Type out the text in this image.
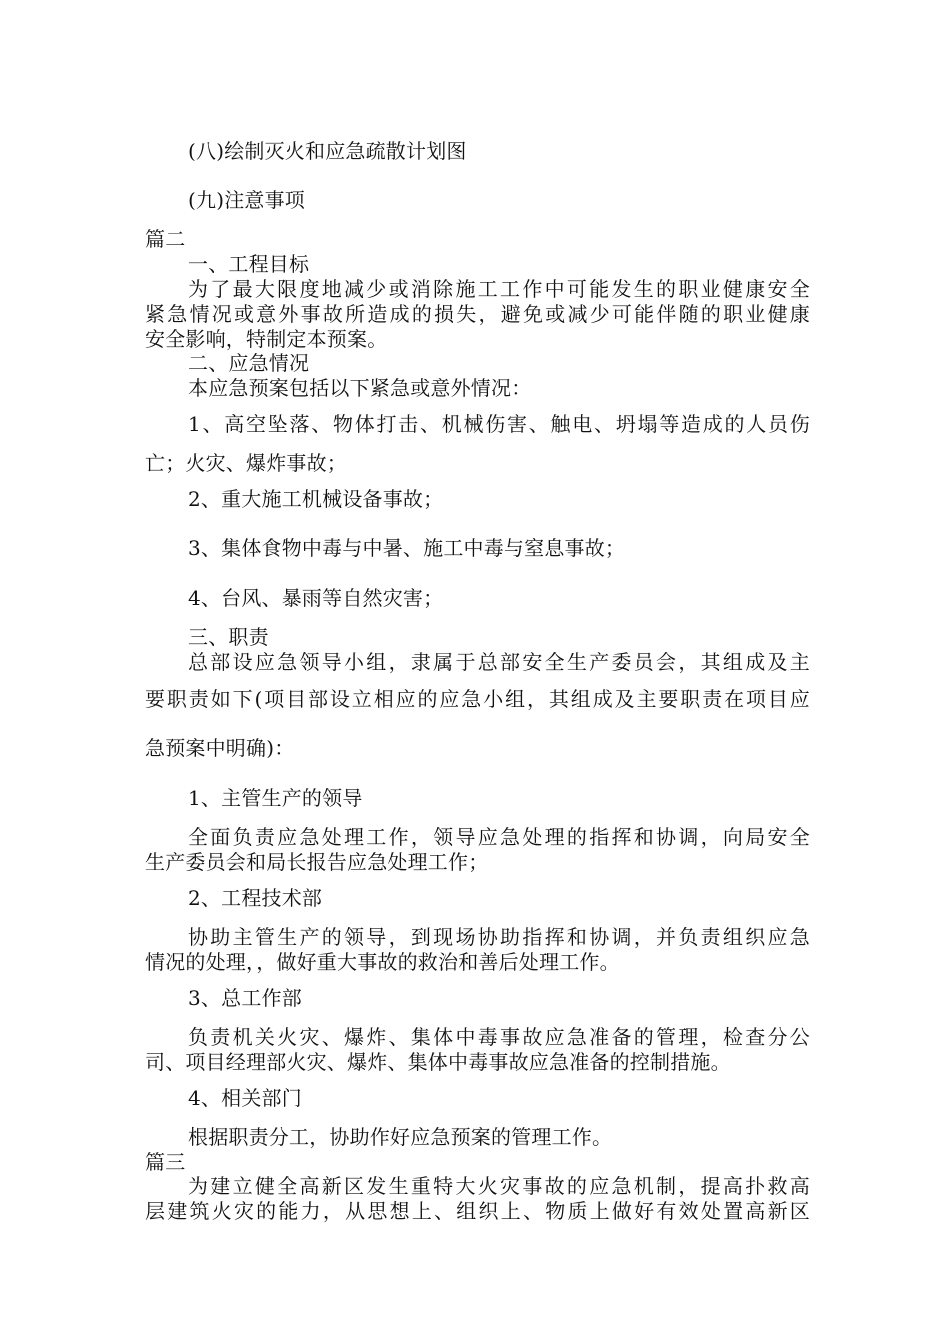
(八)绘制灭火和应急疏散计划图
(九)注意事项
篇二
一、工程目标
为了最大限度地减少或消除施工工作中可能发生的职业健康安全
紧急情况或意外事故所造成的损失，避免或减少可能伴随的职业健康
安全影响，特制定本预案。
二、应急情况
本应急预案包括以下紧急或意外情况：
1、高空坠落、物体打击、机械伤害、触电、坍塌等造成的人员伤
亡；火灾、爆炸事故；
2、重大施工机械设备事故；
3、集体食物中毒与中暑、施工中毒与窒息事故；
4、台风、暴雨等自然灾害；
三、职责
总部设应急领导小组，隶属于总部安全生产委员会，其组成及主
要职责如下(项目部设立相应的应急小组，其组成及主要职责在项目应
急预案中明确)：
1、主管生产的领导
全面负责应急处理工作，领导应急处理的指挥和协调，向局安全
生产委员会和局长报告应急处理工作；
2、工程技术部
协助主管生产的领导，到现场协助指挥和协调，并负责组织应急
情况的处理，，做好重大事故的救治和善后处理工作。
3、总工作部
负责机关火灾、爆炸、集体中毒事故应急准备的管理，检查分公
司、项目经理部火灾、爆炸、集体中毒事故应急准备的控制措施。
4、相关部门
根据职责分工，协助作好应急预案的管理工作。
篇三
为建立健全高新区发生重特大火灾事故的应急机制，提高扑救高
层建筑火灾的能力，从思想上、组织上、物质上做好有效处置高新区
